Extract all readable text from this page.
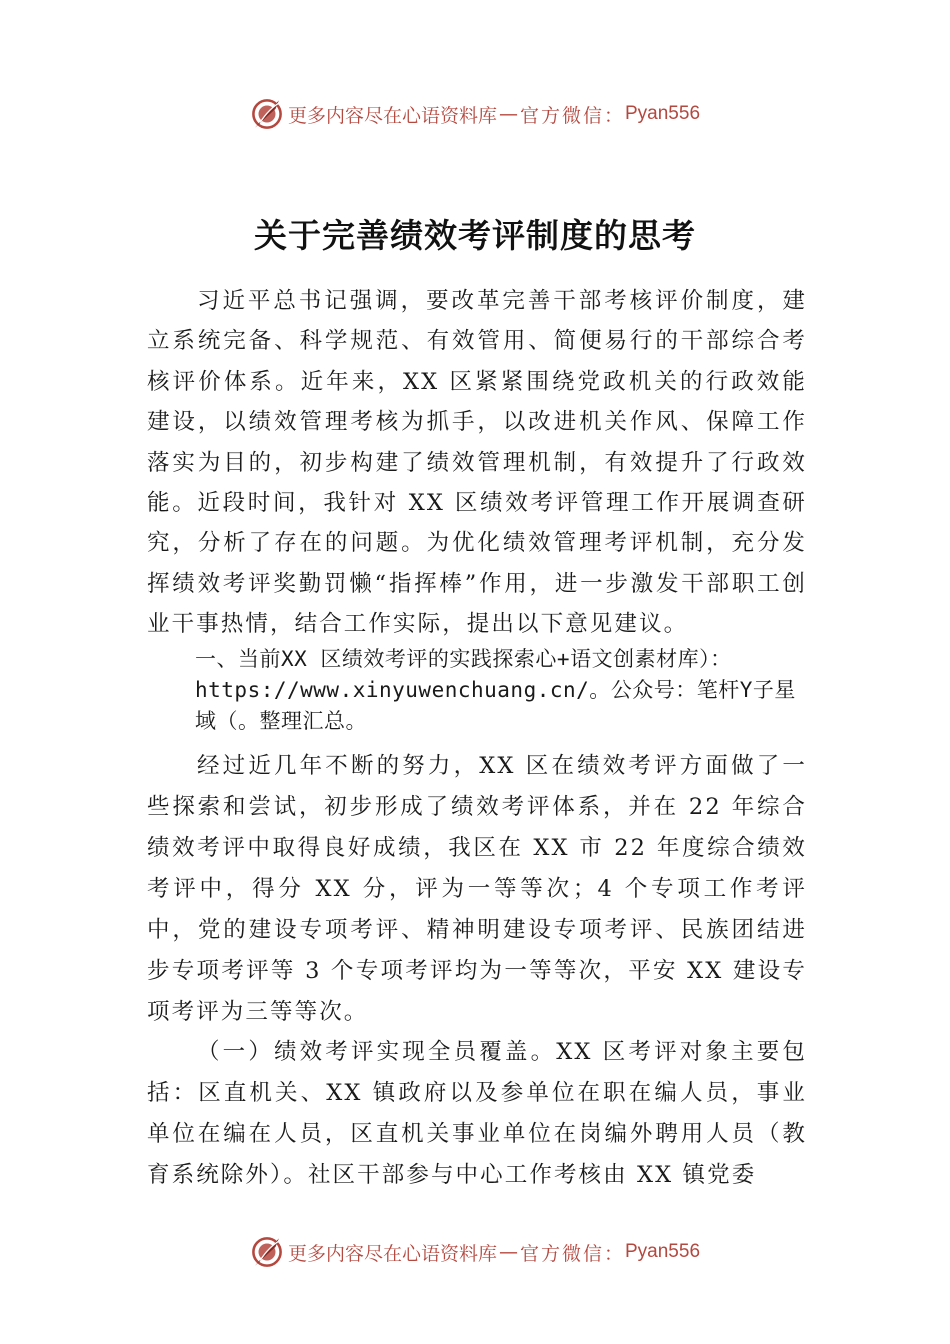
更多内容尽在心语资料库 — 官方微信： Pyan556
关于完善绩效考评制度的思考

习近平总书记强调，要改革完善干部考核评价制度，建立系统完备、科学规范、有效管用、简便易行的干部综合考核评价体系。近年来，XX 区紧紧围绕党政机关的行政效能建设，以绩效管理考核为抓手，以改进机关作风、保障工作落实为目的，初步构建了绩效管理机制，有效提升了行政效能。近段时间，我针对 XX 区绩效考评管理工作开展调查研究，分析了存在的问题。为优化绩效管理考评机制，充分发挥绩效考评奖勤罚懒“指挥棒”作用，进一步激发干部职工创业干事热情，结合工作实际，提出以下意见建议。

一、当前XX 区绩效考评的实践探索心+语文创素材库）：
https://www.xinyuwenchuang.cn/。公众号：笔杆Y子星
域（。整理汇总。

经过近几年不断的努力，XX 区在绩效考评方面做了一些探索和尝试，初步形成了绩效考评体系，并在 22 年综合绩效考评中取得良好成绩，我区在 XX 市 22 年度综合绩效考评中，得分 XX 分，评为一等等次；4 个专项工作考评中，党的建设专项考评、精神明建设专项考评、民族团结进步专项考评等 3 个专项考评均为一等等次，平安 XX 建设专项考评为三等等次。

（一）绩效考评实现全员覆盖。XX 区考评对象主要包括：区直机关、XX 镇政府以及参单位在职在编人员，事业单位在编在人员，区直机关事业单位在岗编外聘用人员（教育系统除外）。社区干部参与中心工作考核由 XX 镇党委

更多内容尽在心语资料库 — 官方微信： Pyan556
